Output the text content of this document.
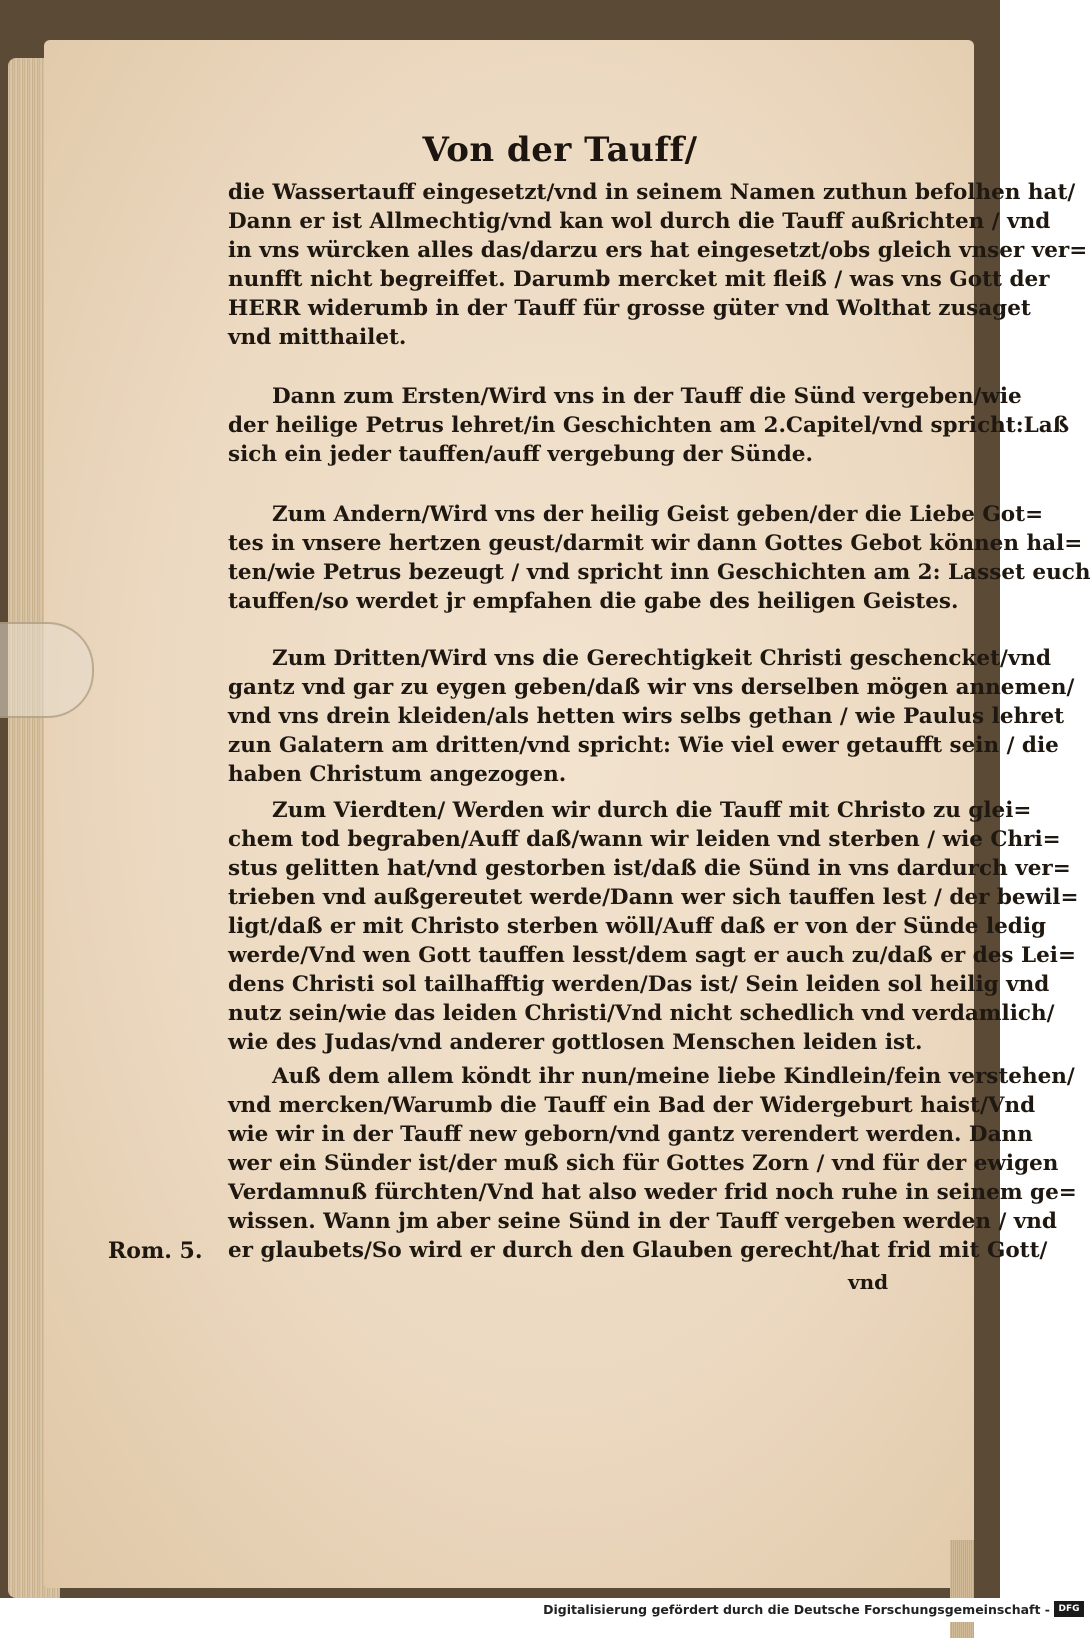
Von der Tauff/
die Wassertauff eingesetzt/vnd in seinem Namen zuthun befolhen hat/
Dann er ist Allmechtig/vnd kan wol durch die Tauff außrichten / vnd
in vns würcken alles das/darzu ers hat eingesetzt/obs gleich vnser ver=
nunfft nicht begreiffet. Darumb mercket mit fleiß / was vns Gott der
HERR widerumb in der Tauff für grosse güter vnd Wolthat zusaget
vnd mitthailet.
Dann zum Ersten/Wird vns in der Tauff die Sünd vergeben/wie
der heilige Petrus lehret/in Geschichten am 2.Capitel/vnd spricht:Laß
sich ein jeder tauffen/auff vergebung der Sünde.
Zum Andern/Wird vns der heilig Geist geben/der die Liebe Got=
tes in vnsere hertzen geust/darmit wir dann Gottes Gebot können hal=
ten/wie Petrus bezeugt / vnd spricht inn Geschichten am 2: Lasset euch
tauffen/so werdet jr empfahen die gabe des heiligen Geistes.
Zum Dritten/Wird vns die Gerechtigkeit Christi geschencket/vnd
gantz vnd gar zu eygen geben/daß wir vns derselben mögen annemen/
vnd vns drein kleiden/als hetten wirs selbs gethan / wie Paulus lehret
zun Galatern am dritten/vnd spricht: Wie viel ewer getaufft sein / die
haben Christum angezogen.
Zum Vierdten/ Werden wir durch die Tauff mit Christo zu glei=
chem tod begraben/Auff daß/wann wir leiden vnd sterben / wie Chri=
stus gelitten hat/vnd gestorben ist/daß die Sünd in vns dardurch ver=
trieben vnd außgereutet werde/Dann wer sich tauffen lest / der bewil=
ligt/daß er mit Christo sterben wöll/Auff daß er von der Sünde ledig
werde/Vnd wen Gott tauffen lesst/dem sagt er auch zu/daß er des Lei=
dens Christi sol tailhafftig werden/Das ist/ Sein leiden sol heilig vnd
nutz sein/wie das leiden Christi/Vnd nicht schedlich vnd verdamlich/
wie des Judas/vnd anderer gottlosen Menschen leiden ist.
Auß dem allem köndt ihr nun/meine liebe Kindlein/fein verstehen/
vnd mercken/Warumb die Tauff ein Bad der Widergeburt haist/Vnd
wie wir in der Tauff new geborn/vnd gantz verendert werden. Dann
wer ein Sünder ist/der muß sich für Gottes Zorn / vnd für der ewigen
Verdamnuß fürchten/Vnd hat also weder frid noch ruhe in seinem ge=
wissen. Wann jm aber seine Sünd in der Tauff vergeben werden / vnd
er glaubets/So wird er durch den Glauben gerecht/hat frid mit Gott/
Rom. 5.
vnd
Digitalisierung gefördert durch die Deutsche Forschungsgemeinschaft - DFG
